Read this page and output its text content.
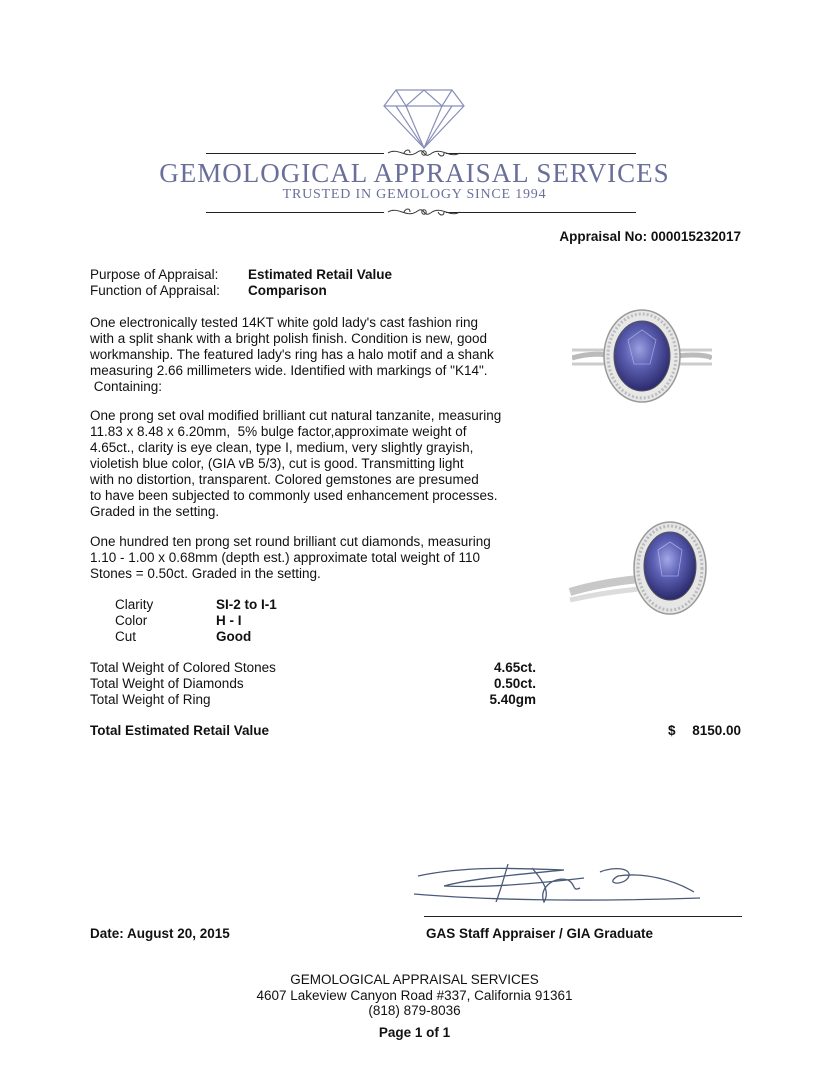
GEMOLOGICAL APPRAISAL SERVICES
TRUSTED IN GEMOLOGY SINCE 1994
Appraisal No: 000015232017
Purpose of Appraisal: Estimated Retail Value
Function of Appraisal: Comparison
One electronically tested 14KT white gold lady's cast fashion ring
with a split shank with a bright polish finish. Condition is new, good
workmanship. The featured lady's ring has a halo motif and a shank
measuring 2.66 millimeters wide. Identified with markings of "K14".
Containing:
One prong set oval modified brilliant cut natural tanzanite, measuring
11.83 x 8.48 x 6.20mm,  5% bulge factor,approximate weight of
4.65ct., clarity is eye clean, type I, medium, very slightly grayish,
violetish blue color, (GIA vB 5/3), cut is good. Transmitting light
with no distortion, transparent. Colored gemstones are presumed
to have been subjected to commonly used enhancement processes.
Graded in the setting.
One hundred ten prong set round brilliant cut diamonds, measuring
1.10 - 1.00 x 0.68mm (depth est.) approximate total weight of 110
Stones = 0.50ct. Graded in the setting.
Clarity	SI-2 to I-1
Color	H - I
Cut	Good
Total Weight of Colored Stones	4.65ct.
Total Weight of Diamonds	0.50ct.
Total Weight of Ring	5.40gm
Total Estimated Retail Value	$	8150.00
Date: August 20, 2015	GAS Staff Appraiser / GIA Graduate
GEMOLOGICAL APPRAISAL SERVICES
4607 Lakeview Canyon Road #337, California 91361
(818) 879-8036
Page 1 of 1
